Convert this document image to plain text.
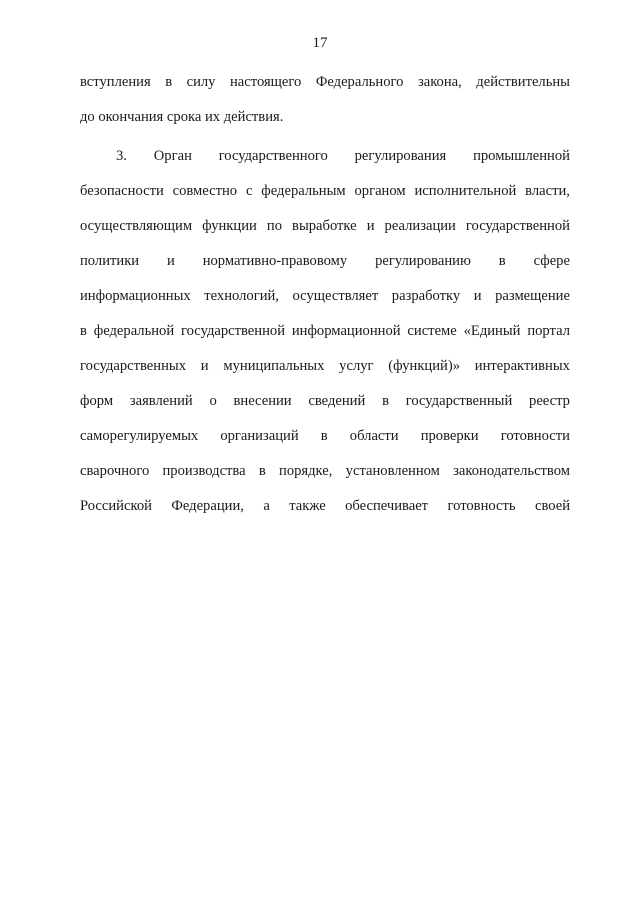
17
вступления в силу настоящего Федерального закона, действительны
до окончания срока их действия.
3. Орган государственного регулирования промышленной
безопасности совместно с федеральным органом исполнительной власти,
осуществляющим функции по выработке и реализации государственной
политики и нормативно-правовому регулированию в сфере
информационных технологий, осуществляет разработку и размещение
в федеральной государственной информационной системе «Единый портал
государственных и муниципальных услуг (функций)» интерактивных
форм заявлений о внесении сведений в государственный реестр
саморегулируемых организаций в области проверки готовности
сварочного производства в порядке, установленном законодательством
Российской Федерации, а также обеспечивает готовность своей
